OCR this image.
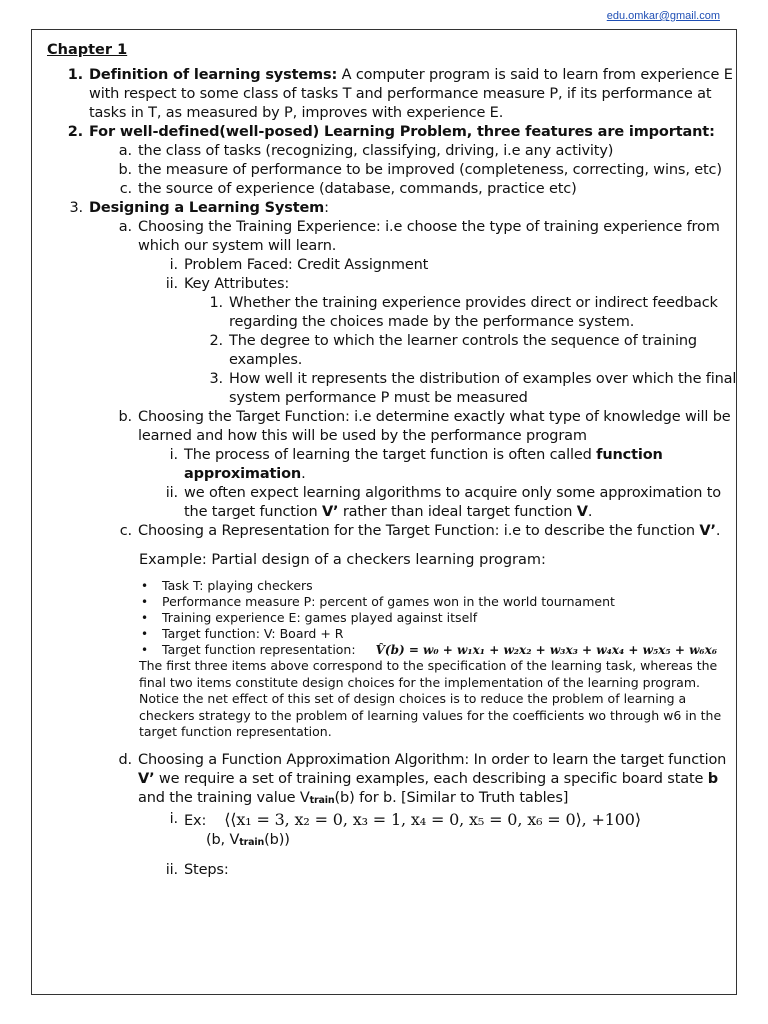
edu.omkar@gmail.com
Chapter 1
1. Definition of learning systems: A computer program is said to learn from experience E with respect to some class of tasks T and performance measure P, if its performance at tasks in T, as measured by P, improves with experience E.
2. For well-defined(well-posed) Learning Problem, three features are important:
a. the class of tasks (recognizing, classifying, driving, i.e any activity)
b. the measure of performance to be improved (completeness, correcting, wins, etc)
c. the source of experience (database, commands, practice etc)
3. Designing a Learning System:
a. Choosing the Training Experience: i.e choose the type of training experience from which our system will learn.
i. Problem Faced: Credit Assignment
ii. Key Attributes:
1. Whether the training experience provides direct or indirect feedback regarding the choices made by the performance system.
2. The degree to which the learner controls the sequence of training examples.
3. How well it represents the distribution of examples over which the final system performance P must be measured
b. Choosing the Target Function: i.e determine exactly what type of knowledge will be learned and how this will be used by the performance program
i. The process of learning the target function is often called function approximation.
ii. we often expect learning algorithms to acquire only some approximation to the target function V’ rather than ideal target function V.
c. Choosing a Representation for the Target Function: i.e to describe the function V’.
Example: Partial design of a checkers learning program:
• Task T: playing checkers
• Performance measure P: percent of games won in the world tournament
• Training experience E: games played against itself
• Target function: V: Board + R
• Target function representation: V̂(b) = w₀ + w₁x₁ + w₂x₂ + w₃x₃ + w₄x₄ + w₅x₅ + w₆x₆
The first three items above correspond to the specification of the learning task, whereas the final two items constitute design choices for the implementation of the learning program. Notice the net effect of this set of design choices is to reduce the problem of learning a checkers strategy to the problem of learning values for the coefficients wo through w6 in the target function representation.
d. Choosing a Function Approximation Algorithm: In order to learn the target function V’ we require a set of training examples, each describing a specific board state b and the training value Vtrain(b) for b. [Similar to Truth tables]
i. Ex: ⟨⟨x₁ = 3, x₂ = 0, x₃ = 1, x₄ = 0, x₅ = 0, x₆ = 0⟩, +100⟩
(b, Vtrain(b))
ii. Steps:
